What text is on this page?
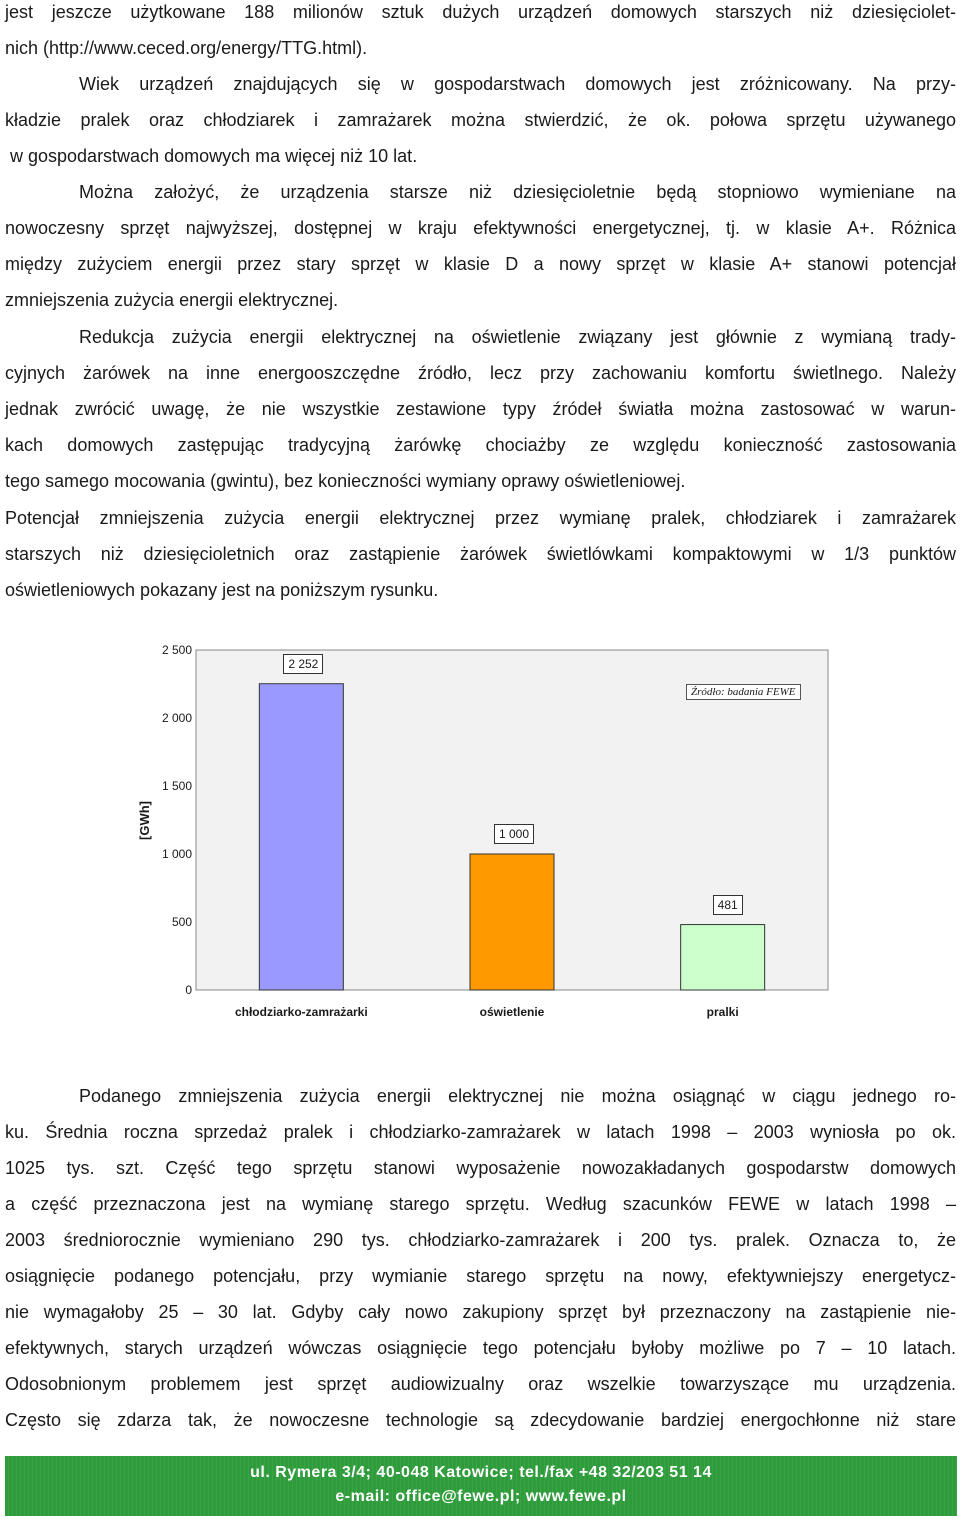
jest jeszcze użytkowane 188 milionów sztuk dużych urządzeń domowych starszych niż dziesięciolet-
nich (http://www.ceced.org/energy/TTG.html).
Wiek urządzeń znajdujących się w gospodarstwach domowych jest zróżnicowany. Na przy-
kładzie pralek oraz chłodziarek i zamrażarek można stwierdzić, że ok. połowa sprzętu używanego
w gospodarstwach domowych ma więcej niż 10 lat.
Można założyć, że urządzenia starsze niż dziesięcioletnie będą stopniowo wymieniane na
nowoczesny sprzęt najwyższej, dostępnej w kraju efektywności energetycznej, tj. w klasie A+. Różnica
między zużyciem energii przez stary sprzęt w klasie D a nowy sprzęt w klasie A+ stanowi potencjał
zmniejszenia zużycia energii elektrycznej.
Redukcja zużycia energii elektrycznej na oświetlenie związany jest głównie z wymianą trady-
cyjnych żarówek na inne energooszczędne źródło, lecz przy zachowaniu komfortu świetlnego. Należy
jednak zwrócić uwagę, że nie wszystkie zestawione typy źródeł światła można zastosować w warun-
kach domowych zastępując tradycyjną żarówkę chociażby ze względu konieczność zastosowania
tego samego mocowania (gwintu), bez konieczności wymiany oprawy oświetleniowej.
Potencjał zmniejszenia zużycia energii elektrycznej przez wymianę pralek, chłodziarek i zamrażarek
starszych niż dziesięcioletnich oraz zastąpienie żarówek świetlówkami kompaktowymi w 1/3 punktów
oświetleniowych pokazany jest na poniższym rysunku.
[GWh]
0
500
1 000
1 500
2 000
2 500
2 252
chłodziarko-zamrażarki
1 000
oświetlenie
481
pralki
Źródło: badania FEWE
Podanego zmniejszenia zużycia energii elektrycznej nie można osiągnąć w ciągu jednego ro-
ku. Średnia roczna sprzedaż pralek i chłodziarko-zamrażarek w latach 1998 – 2003 wyniosła po ok.
1025 tys. szt. Część tego sprzętu stanowi wyposażenie nowozakładanych gospodarstw domowych
a część przeznaczona jest na wymianę starego sprzętu. Według szacunków FEWE w latach 1998 –
2003 średniorocznie wymieniano 290 tys. chłodziarko-zamrażarek i 200 tys. pralek. Oznacza to, że
osiągnięcie podanego potencjału, przy wymianie starego sprzętu na nowy, efektywniejszy energetycz-
nie wymagałoby 25 – 30 lat. Gdyby cały nowo zakupiony sprzęt był przeznaczony na zastąpienie nie-
efektywnych, starych urządzeń wówczas osiągnięcie tego potencjału byłoby możliwe po 7 – 10 latach.
Odosobnionym problemem jest sprzęt audiowizualny oraz wszelkie towarzyszące mu urządzenia.
Często się zdarza tak, że nowoczesne technologie są zdecydowanie bardziej energochłonne niż stare
ul. Rymera 3/4; 40-048 Katowice; tel./fax +48 32/203 51 14
e-mail: office@fewe.pl; www.fewe.pl
